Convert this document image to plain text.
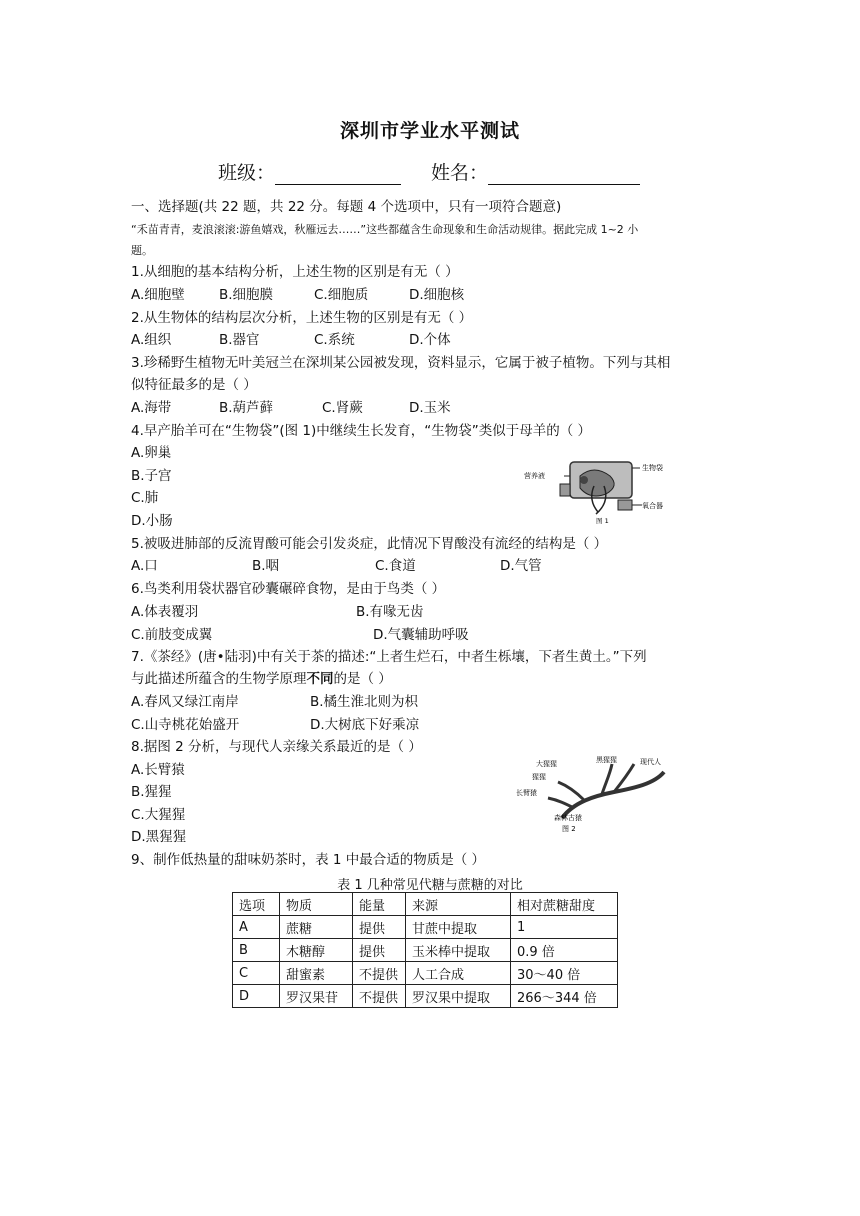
深圳市学业水平测试
班级：	姓名：
一、选择题(共 22 题，共 22 分。每题 4 个选项中，只有一项符合题意)
“禾苗青青，麦浪滚滚:游鱼嬉戏，秋雁远去……”这些都蕴含生命现象和生命活动规律。据此完成 1~2 小
题。
1.从细胞的基本结构分析，上述生物的区别是有无（ ）
A.细胞壁	B.细胞膜	C.细胞质	D.细胞核
2.从生物体的结构层次分析，上述生物的区别是有无（ ）
A.组织	B.器官	C.系统	D.个体
3.珍稀野生植物无叶美冠兰在深圳某公园被发现，资料显示，它属于被子植物。下列与其相
似特征最多的是（ ）
A.海带	B.葫芦藓	C.肾蕨	D.玉米
4.早产胎羊可在“生物袋”(图 1)中继续生长发育，“生物袋”类似于母羊的（ ）
A.卵巢
B.子宫
C.肺
D.小肠
营养液
生物袋
氧合器
图 1
5.被吸进肺部的反流胃酸可能会引发炎症，此情况下胃酸没有流经的结构是（ ）
A.口	B.咽	C.食道	D.气管
6.鸟类利用袋状器官砂囊碾碎食物，是由于鸟类（ ）
A.体表覆羽	B.有喙无齿
C.前肢变成翼	D.气囊辅助呼吸
7.《茶经》(唐•陆羽)中有关于茶的描述:“上者生烂石，中者生栎壤，下者生黄土。”下列
与此描述所蕴含的生物学原理不同的是（ ）
A.春风又绿江南岸	B.橘生淮北则为枳
C.山寺桃花始盛开	D.大树底下好乘凉
8.据图 2 分析，与现代人亲缘关系最近的是（ ）
A.长臂猿
B.猩猩
C.大猩猩
D.黑猩猩
大猩猩	黑猩猩	现代人
猩猩
长臂猿
森林古猿
图 2
9、制作低热量的甜味奶茶时，表 1 中最合适的物质是（ ）
表 1 几种常见代糖与蔗糖的对比
选项	物质	能量	来源	相对蔗糖甜度
A	蔗糖	提供	甘蔗中提取	1
B	木糖醇	提供	玉米棒中提取	0.9 倍
C	甜蜜素	不提供	人工合成	30～40 倍
D	罗汉果苷	不提供	罗汉果中提取	266～344 倍
